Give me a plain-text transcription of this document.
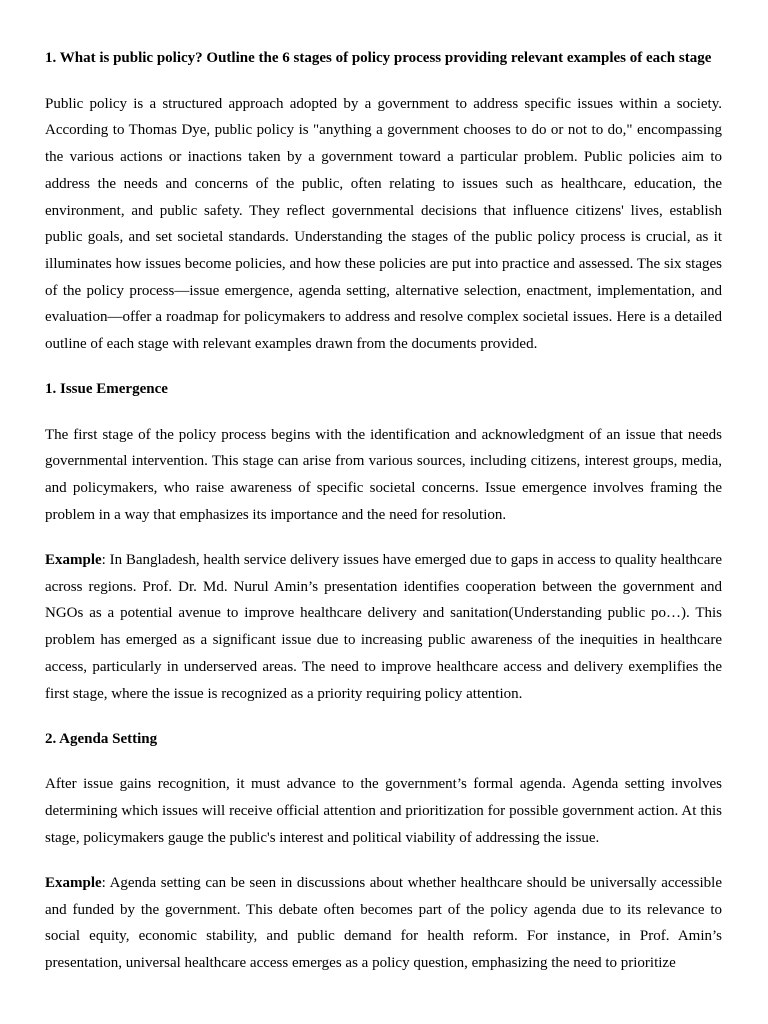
1. What is public policy? Outline the 6 stages of policy process providing relevant examples of each stage

Public policy is a structured approach adopted by a government to address specific issues within a society. According to Thomas Dye, public policy is "anything a government chooses to do or not to do," encompassing the various actions or inactions taken by a government toward a particular problem. Public policies aim to address the needs and concerns of the public, often relating to issues such as healthcare, education, the environment, and public safety. They reflect governmental decisions that influence citizens' lives, establish public goals, and set societal standards. Understanding the stages of the public policy process is crucial, as it illuminates how issues become policies, and how these policies are put into practice and assessed. The six stages of the policy process—issue emergence, agenda setting, alternative selection, enactment, implementation, and evaluation—offer a roadmap for policymakers to address and resolve complex societal issues. Here is a detailed outline of each stage with relevant examples drawn from the documents provided.

1. Issue Emergence

The first stage of the policy process begins with the identification and acknowledgment of an issue that needs governmental intervention. This stage can arise from various sources, including citizens, interest groups, media, and policymakers, who raise awareness of specific societal concerns. Issue emergence involves framing the problem in a way that emphasizes its importance and the need for resolution.

Example: In Bangladesh, health service delivery issues have emerged due to gaps in access to quality healthcare across regions. Prof. Dr. Md. Nurul Amin’s presentation identifies cooperation between the government and NGOs as a potential avenue to improve healthcare delivery and sanitation(Understanding public po…). This problem has emerged as a significant issue due to increasing public awareness of the inequities in healthcare access, particularly in underserved areas. The need to improve healthcare access and delivery exemplifies the first stage, where the issue is recognized as a priority requiring policy attention.

2. Agenda Setting

After issue gains recognition, it must advance to the government’s formal agenda. Agenda setting involves determining which issues will receive official attention and prioritization for possible government action. At this stage, policymakers gauge the public's interest and political viability of addressing the issue.

Example: Agenda setting can be seen in discussions about whether healthcare should be universally accessible and funded by the government. This debate often becomes part of the policy agenda due to its relevance to social equity, economic stability, and public demand for health reform. For instance, in Prof. Amin’s presentation, universal healthcare access emerges as a policy question, emphasizing the need to prioritize
